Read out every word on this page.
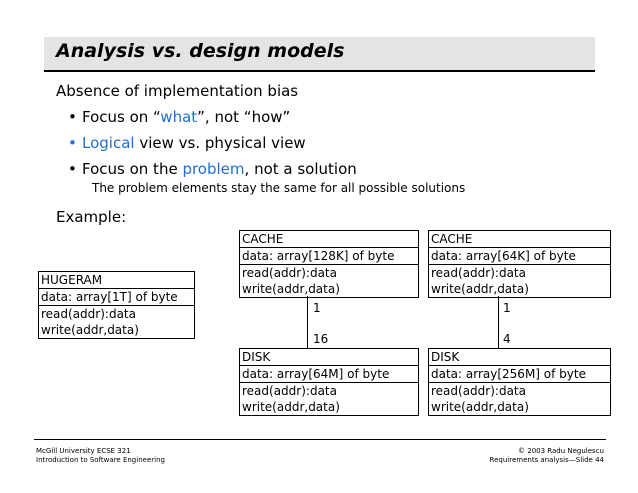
Analysis vs. design models
Absence of implementation bias
• Focus on “what”, not “how”
• Logical view vs. physical view
• Focus on the problem, not a solution
The problem elements stay the same for all possible solutions
Example:
HUGERAM
data: array[1T] of byte
read(addr):data
write(addr,data)
CACHE
data: array[128K] of byte
read(addr):data
write(addr,data)
CACHE
data: array[64K] of byte
read(addr):data
write(addr,data)
1
16
1
4
DISK
data: array[64M] of byte
read(addr):data
write(addr,data)
DISK
data: array[256M] of byte
read(addr):data
write(addr,data)
McGill University ECSE 321
Introduction to Software Engineering
© 2003 Radu Negulescu
Requirements analysis—Slide 44
